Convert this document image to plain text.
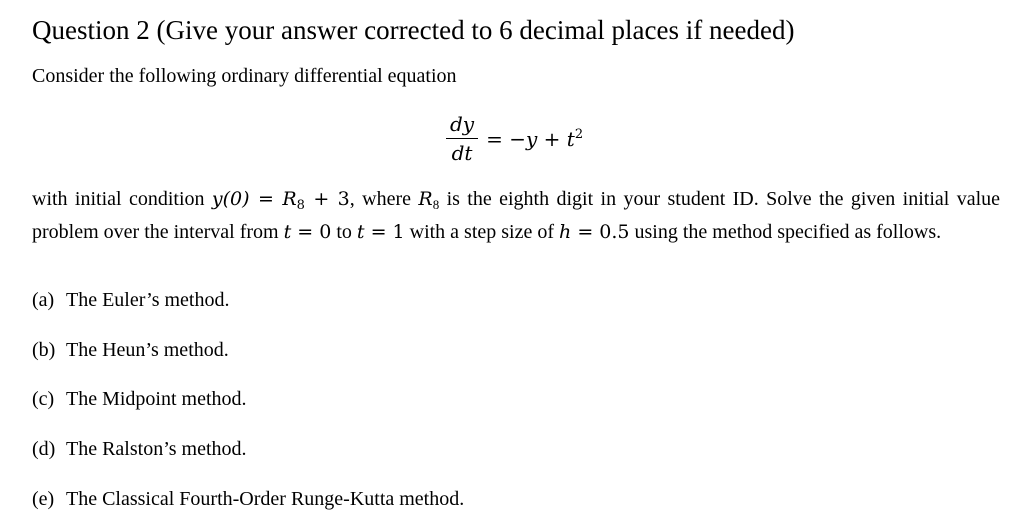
Question 2 (Give your answer corrected to 6 decimal places if needed)
Consider the following ordinary differential equation
$\frac{dy}{dt} = -y + t^2$
with initial condition $y(0) = R_8 + 3$, where $R_8$ is the eighth digit in your student ID. Solve the given initial value problem over the interval from t = 0 to t = 1 with a step size of h = 0.5 using the method specified as follows.
(a) The Euler’s method.
(b) The Heun’s method.
(c) The Midpoint method.
(d) The Ralston’s method.
(e) The Classical Fourth-Order Runge-Kutta method.
